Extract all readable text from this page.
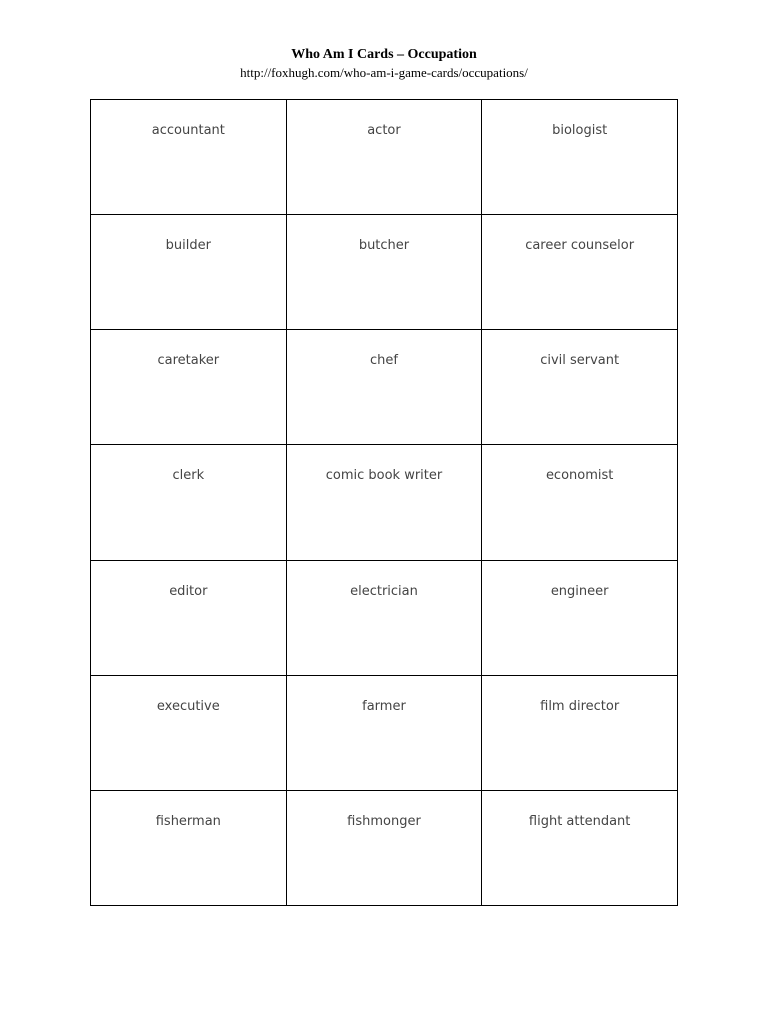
Who Am I Cards – Occupation
http://foxhugh.com/who-am-i-game-cards/occupations/
accountant	actor	biologist

builder	butcher	career counselor

caretaker	chef	civil servant

clerk	comic book writer	economist

editor	electrician	engineer

executive	farmer	film director

fisherman	fishmonger	flight attendant
